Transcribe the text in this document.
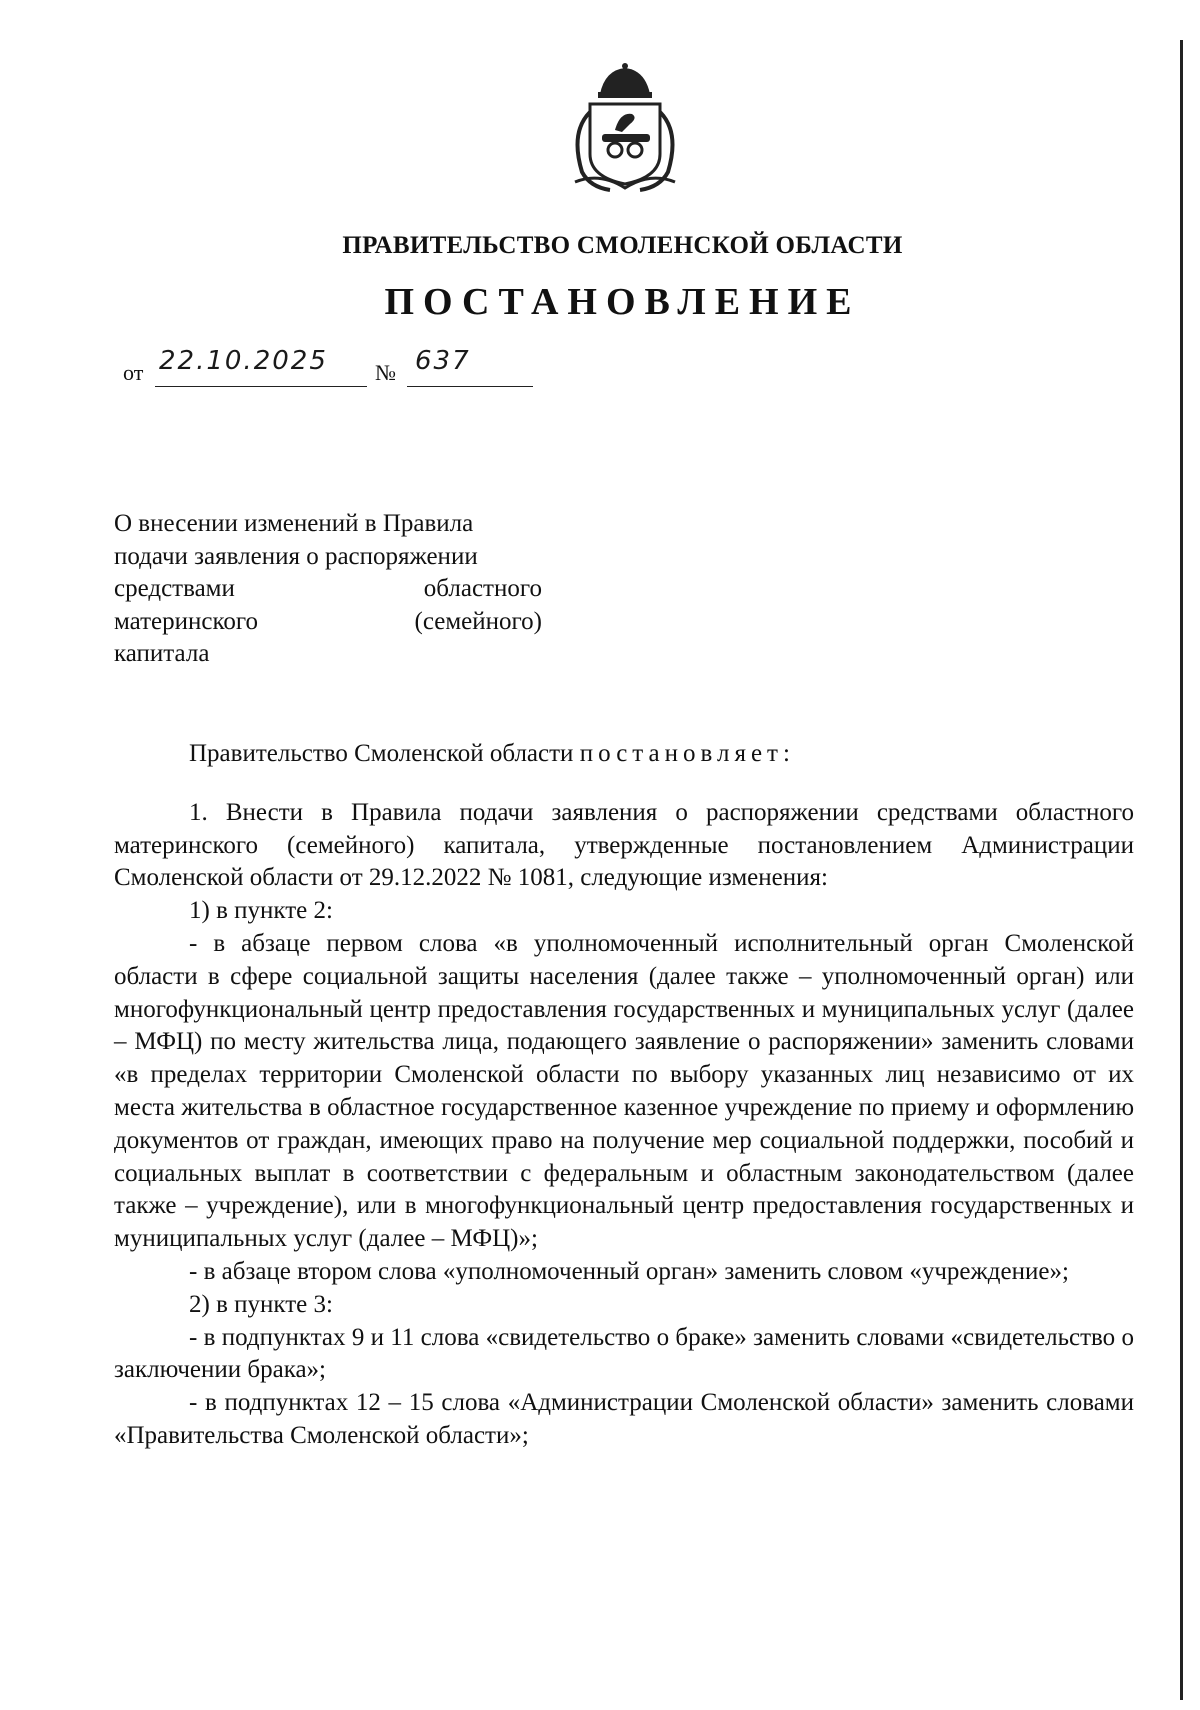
ПРАВИТЕЛЬСТВО СМОЛЕНСКОЙ ОБЛАСТИ
ПОСТАНОВЛЕНИЕ
от 22.10.2025 № 637
О внесении изменений в Правила
подачи заявления о распоряжении
средствами	областного
материнского	(семейного)
капитала

Правительство Смоленской области постановляет:

1. Внести в Правила подачи заявления о распоряжении средствами областного материнского (семейного) капитала, утвержденные постановлением Администрации Смоленской области от 29.12.2022 № 1081, следующие изменения:

1) в пункте 2:

- в абзаце первом слова «в уполномоченный исполнительный орган Смоленской области в сфере социальной защиты населения (далее также – уполномоченный орган) или многофункциональный центр предоставления государственных и муниципальных услуг (далее – МФЦ) по месту жительства лица, подающего заявление о распоряжении» заменить словами «в пределах территории Смоленской области по выбору указанных лиц независимо от их места жительства в областное государственное казенное учреждение по приему и оформлению документов от граждан, имеющих право на получение мер социальной поддержки, пособий и социальных выплат в соответствии с федеральным и областным законодательством (далее также – учреждение), или в многофункциональный центр предоставления государственных и муниципальных услуг (далее – МФЦ)»;

- в абзаце втором слова «уполномоченный орган» заменить словом «учреждение»;

2) в пункте 3:

- в подпунктах 9 и 11 слова «свидетельство о браке» заменить словами «свидетельство о заключении брака»;

- в подпунктах 12 – 15 слова «Администрации Смоленской области» заменить словами «Правительства Смоленской области»;
